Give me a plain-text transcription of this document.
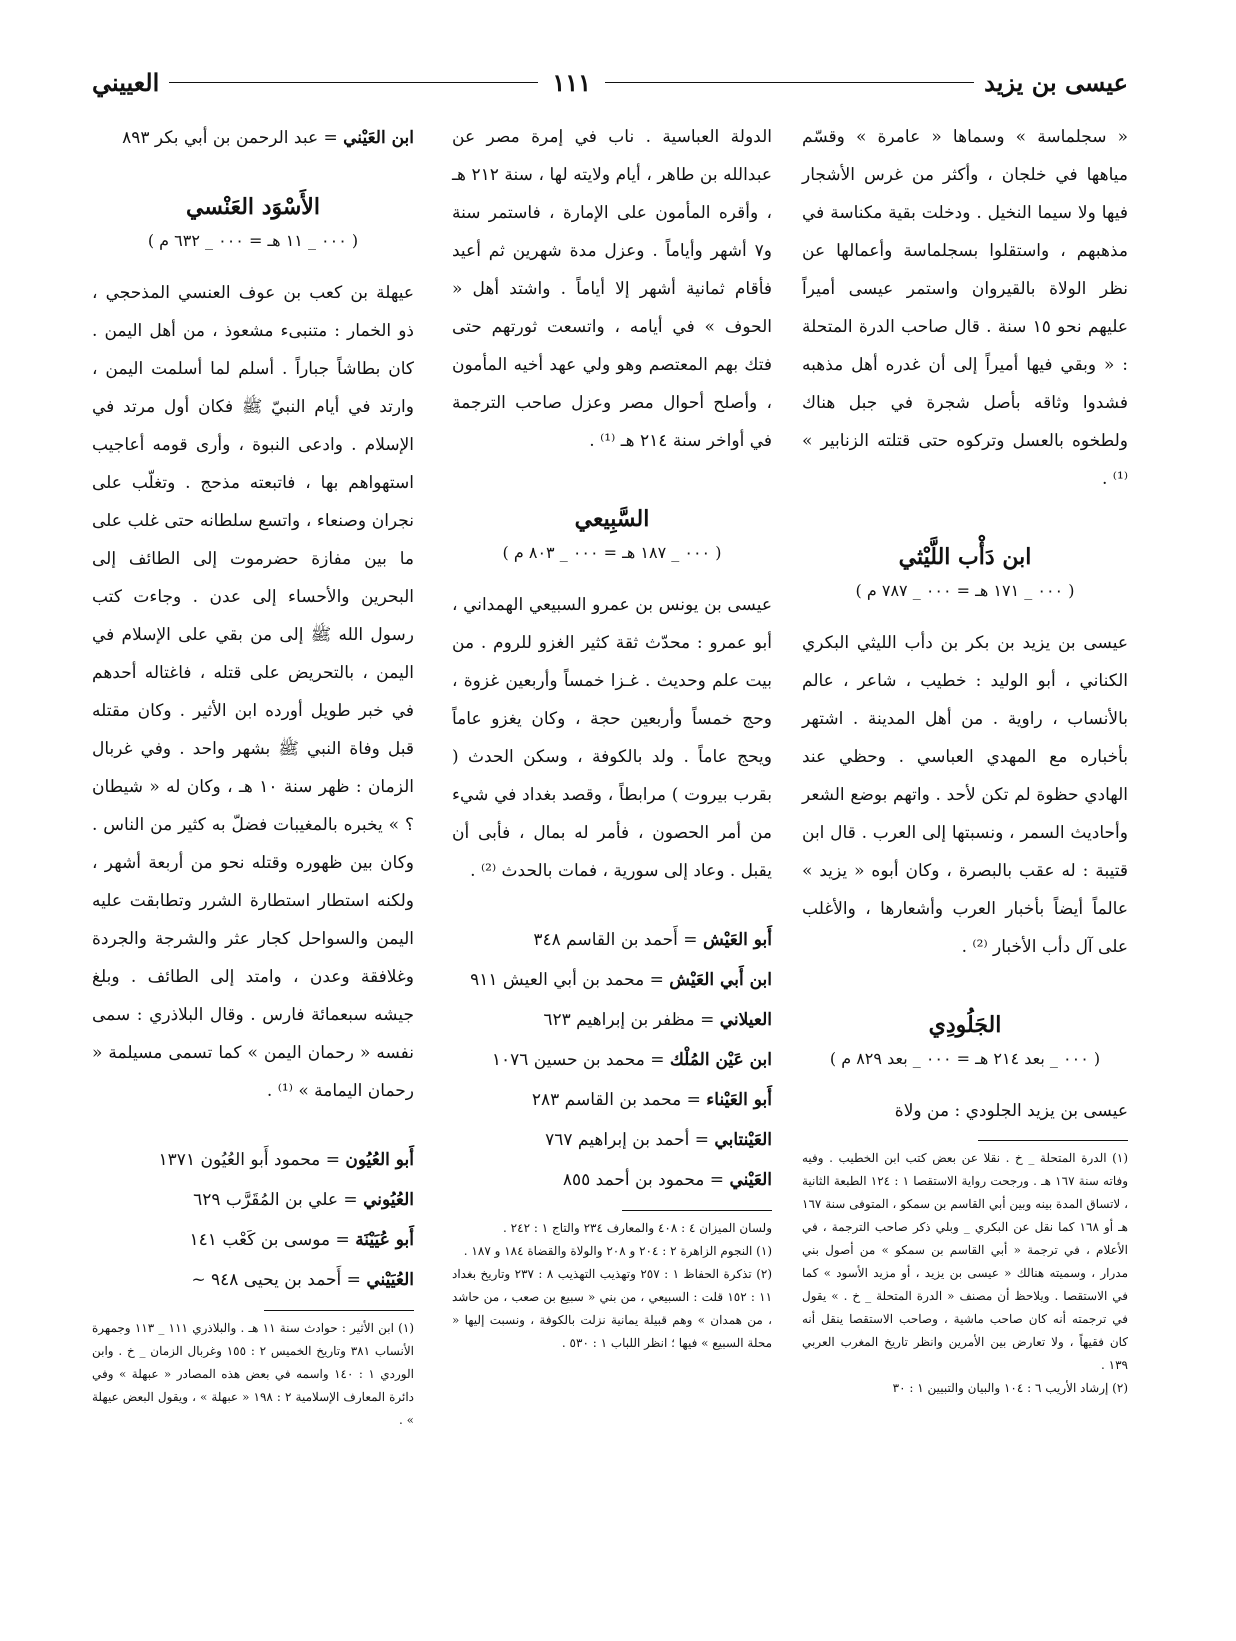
عيسى بن يزيد
١١١
العييني

« سجلماسة » وسماها « عامرة » وقسّم مياهها في خلجان ، وأكثر من غرس الأشجار فيها ولا سيما النخيل . ودخلت بقية مكناسة في مذهبهم ، واستقلوا بسجلماسة وأعمالها عن نظر الولاة بالقيروان واستمر عيسى أميراً عليهم نحو ١٥ سنة . قال صاحب الدرة المتحلة : « وبقي فيها أميراً إلى أن غدره أهل مذهبه فشدوا وثاقه بأصل شجرة في جبل هناك ولطخوه بالعسل وتركوه حتى قتلته الزنابير » ⁽¹⁾ .

ابن دَأْب اللَّيْثي

( ٠٠٠ _ ١٧١ هـ = ٠٠٠ _ ٧٨٧ م )

عيسى بن يزيد بن بكر بن دأب الليثي البكري الكناني ، أبو الوليد : خطيب ، شاعر ، عالم بالأنساب ، راوية . من أهل المدينة . اشتهر بأخباره مع المهدي العباسي . وحظي عند الهادي حظوة لم تكن لأحد . واتهم بوضع الشعر وأحاديث السمر ، ونسبتها إلى العرب . قال ابن قتيبة : له عقب بالبصرة ، وكان أبوه « يزيد » عالماً أيضاً بأخبار العرب وأشعارها ، والأغلب على آل دأب الأخبار ⁽²⁾ .

الجَلُودِي

( ٠٠٠ _ بعد ٢١٤ هـ = ٠٠٠ _ بعد ٨٢٩ م )

عيسى بن يزيد الجلودي : من ولاة

(١) الدرة المتحلة _ خ . نقلا عن بعض كتب ابن الخطيب . وفيه وفاته سنة ١٦٧ هـ . ورجحت رواية الاستقصا ١ : ١٢٤ الطبعة الثانية ، لاتساق المدة بينه وبين أبي القاسم بن سمكو ، المتوفى سنة ١٦٧ هـ أو ١٦٨ كما نقل عن البكري _ وبلي ذكر صاحب الترجمة ، في الأعلام ، في ترجمة « أبي القاسم بن سمكو » من أصول بني مدرار ، وسميته هنالك « عيسى بن يزيد ، أو مزيد الأسود » كما في الاستقصا . ويلاحظ أن مصنف « الدرة المتحلة _ خ . » يقول في ترجمته أنه كان صاحب ماشية ، وصاحب الاستقصا ينقل أنه كان فقيهاً ، ولا تعارض بين الأمرين وانظر تاريخ المغرب العربي ١٣٩ .

(٢) إرشاد الأريب ٦ : ١٠٤ والبيان والتبيين ١ : ٣٠

الدولة العباسية . ناب في إمرة مصر عن عبدالله بن طاهر ، أيام ولايته لها ، سنة ٢١٢ هـ ، وأقره المأمون على الإمارة ، فاستمر سنة و٧ أشهر وأياماً . وعزل مدة شهرين ثم أعيد فأقام ثمانية أشهر إلا أياماً . واشتد أهل « الحوف » في أيامه ، واتسعت ثورتهم حتى فتك بهم المعتصم وهو ولي عهد أخيه المأمون ، وأصلح أحوال مصر وعزل صاحب الترجمة في أواخر سنة ٢١٤ هـ ⁽¹⁾ .

السَّبِيعي

( ٠٠٠ _ ١٨٧ هـ = ٠٠٠ _ ٨٠٣ م )

عيسى بن يونس بن عمرو السبيعي الهمداني ، أبو عمرو : محدّث ثقة كثير الغزو للروم . من بيت علم وحديث . غـزا خمساً وأربعين غزوة ، وحج خمساً وأربعين حجة ، وكان يغزو عاماً ويحج عاماً . ولد بالكوفة ، وسكن الحدث ( بقرب بيروت ) مرابطاً ، وقصد بغداد في شيء من أمر الحصون ، فأمر له بمال ، فأبى أن يقبل . وعاد إلى سورية ، فمات بالحدث ⁽²⁾ .

أَبو العَيْش = أَحمد بن القاسم ٣٤٨

ابن أَبي العَيْش = محمد بن أبي العيش ٩١١

العيلاني = مظفر بن إبراهيم ٦٢٣

ابن عَيْن المُلْك = محمد بن حسين ١٠٧٦

أَبو العَيْناء = محمد بن القاسم ٢٨٣

العَيْنتابي = أحمد بن إبراهيم ٧٦٧

العَيْني = محمود بن أحمد ٨٥٥

ولسان الميزان ٤ : ٤٠٨ والمعارف ٢٣٤ والتاج ١ : ٢٤٢ .

(١) النجوم الزاهرة ٢ : ٢٠٤ و ٢٠٨ والولاة والقضاة ١٨٤ و ١٨٧ .

(٢) تذكرة الحفاظ ١ : ٢٥٧ وتهذيب التهذيب ٨ : ٢٣٧ وتاريخ بغداد ١١ : ١٥٢ قلت : السبيعي ، من بني « سبيع بن صعب ، من حاشد ، من همدان » وهم قبيلة يمانية نزلت بالكوفة ، ونسبت إليها « محلة السبيع » فيها ؛ انظر اللباب ١ : ٥٣٠ .

ابن العَيْني = عبد الرحمن بن أبي بكر ٨٩٣

الأَسْوَد العَنْسي

( ٠٠٠ _ ١١ هـ = ٠٠٠ _ ٦٣٢ م )

عيهلة بن كعب بن عوف العنسي المذحجي ، ذو الخمار : متنبىء مشعوذ ، من أهل اليمن . كان بطاشاً جباراً . أسلم لما أسلمت اليمن ، وارتد في أيام النبيّ ﷺ فكان أول مرتد في الإسلام . وادعى النبوة ، وأرى قومه أعاجيب استهواهم بها ، فاتبعته مذحج . وتغلّب على نجران وصنعاء ، واتسع سلطانه حتى غلب على ما بين مفازة حضرموت إلى الطائف إلى البحرين والأحساء إلى عدن . وجاءت كتب رسول الله ﷺ إلى من بقي على الإسلام في اليمن ، بالتحريض على قتله ، فاغتاله أحدهم في خبر طويل أورده ابن الأثير . وكان مقتله قبل وفاة النبي ﷺ بشهر واحد . وفي غربال الزمان : ظهر سنة ١٠ هـ ، وكان له « شيطان ؟ » يخبره بالمغيبات فضلّ به كثير من الناس . وكان بين ظهوره وقتله نحو من أربعة أشهر ، ولكنه استطار استطارة الشرر وتطابقت عليه اليمن والسواحل كجار عثر والشرجة والجردة وغلافقة وعدن ، وامتد إلى الطائف . وبلغ جيشه سبعمائة فارس . وقال البلاذري : سمى نفسه « رحمان اليمن » كما تسمى مسيلمة « رحمان اليمامة » ⁽¹⁾ .

أَبو العُيُون = محمود أَبو العُيُون ١٣٧١

العُيُوني = علي بن المُقَرَّب ٦٢٩

أَبو عُيَيْنَة = موسى بن كَعْب ١٤١

العُيَيْني = أَحمد بن يحيى ٩٤٨ ~

(١) ابن الأثير : حوادث سنة ١١ هـ . والبلاذري ١١١ _ ١١٣ وجمهرة الأنساب ٣٨١ وتاريخ الخميس ٢ : ١٥٥ وغربال الزمان _ خ . وابن الوردي ١ : ١٤٠ واسمه في بعض هذه المصادر « عبهلة » وفي دائرة المعارف الإسلامية ٢ : ١٩٨ « عبهلة » ، ويقول البعض عيهلة » .
